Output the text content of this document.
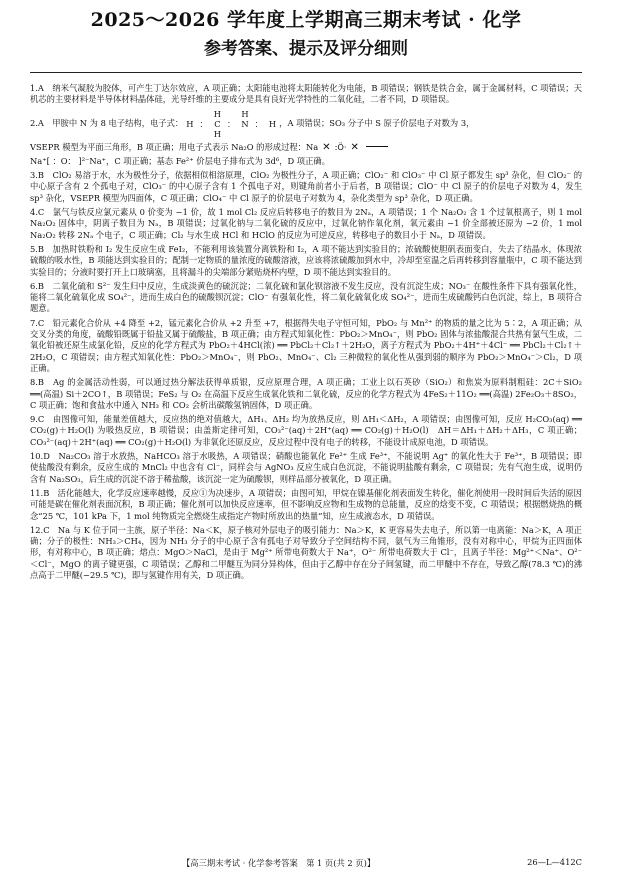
2025～2026 学年度上学期高三期末考试 · 化学
参考答案、提示及评分细则
1.A　 纳米气凝胶为胶体，可产生丁达尔效应，A 项正确；太阳能电池将太阳能转化为电能，B 项错误；钢铁是铁合金，属于金属材料，C 项错误；天机芯的主要材料是半导体材料晶体硅，光导纤维的主要成分是具有良好光学特性的二氧化硅，二者不同，D 项错误。
2.A
　 甲胺中 N 为 8 电子结构，电子式：
H H
H ： C ： N ： H
H
，A 项错误；SO₃ 分子中 S 原子价层电子对数为 3，
VSEPR 模型为平面三角形，B 项正确；用电子式表示 Na₂O 的形成过程：Na ✕ :Ö· ✕
Na⁺[ ：O： ]²⁻Na⁺，C 项正确；基态 Fe²⁺ 价层电子排布式为 3d⁶，D 项正确。
3.B　 ClO₂ 易溶于水，水为极性分子，依据相似相溶原理，ClO₂ 为极性分子，A 项正确；ClO₂⁻ 和 ClO₃⁻ 中 Cl 原子都发生 sp³ 杂化，但 ClO₂⁻ 的中心原子含有 2 个孤电子对，ClO₃⁻ 的中心原子含有 1 个孤电子对，则键角前者小于后者，B 项错误；ClO⁻ 中 Cl 原子的价层电子对数为 4，发生 sp³ 杂化，VSEPR 模型为四面体，C 项正确；ClO₄⁻ 中 Cl 原子的价层电子对数为 4，杂化类型为 sp³ 杂化，D 项正确。
4.C　 氯气与铁反应氯元素从 0 价变为 −1 价，故 1 mol Cl₂ 反应后转移电子的数目为 2Nₐ，A 项错误；1 个 Na₂O₂ 含 1 个过氧根离子，则 1 mol Na₂O₂ 固体中，阴离子数目为 Nₐ，B 项错误；过氧化钠与二氧化硫的反应中，过氧化钠作氧化剂，氧元素由 −1 价全部被还原为 −2 价，1 mol Na₂O₂ 转移 2Nₐ 个电子，C 项正确；Cl₂ 与水生成 HCl 和 HClO 的反应为可逆反应，转移电子的数目小于 Nₐ，D 项错误。
5.B　 加热时铁粉和 I₂ 发生反应生成 FeI₂，不能利用该装置分离铁粉和 I₂，A 项不能达到实验目的；浓硫酸使胆矾表面变白，失去了结晶水，体现浓硫酸的吸水性，B 项能达到实验目的；配制一定物质的量浓度的硫酸溶液，应该将浓硫酸加到水中，冷却至室温之后再转移到容量瓶中，C 项不能达到实验目的；分液时要打开上口玻璃塞，且将漏斗的尖端部分紧贴烧杯内壁，D 项不能达到实验目的。
6.B　 二氧化硫和 S²⁻ 发生归中反应，生成淡黄色的硫沉淀；二氧化硫和氯化钡溶液不发生反应，没有沉淀生成；NO₃⁻ 在酸性条件下具有强氧化性，能将二氧化硫氧化成 SO₄²⁻，进而生成白色的硫酸钡沉淀；ClO⁻ 有强氧化性，将二氧化硫氧化成 SO₄²⁻，进而生成硫酸钙白色沉淀，综上，B 项符合题意。
7.C　 铅元素化合价从 +4 降至 +2，锰元素化合价从 +2 升至 +7，根据得失电子守恒可知，PbO₂ 与 Mn²⁺ 的物质的量之比为 5∶2，A 项正确；从交叉分类的角度，硫酸铅既属于铅盐又属于硫酸盐，B 项正确；由方程式知氧化性：PbO₂＞MnO₄⁻，则 PbO₂ 固体与浓盐酸混合共热有氯气生成，二氧化铅被还原生成氯化铅，反应的化学方程式为 PbO₂＋4HCl(浓) ══ PbCl₂＋Cl₂↑＋2H₂O，离子方程式为 PbO₂＋4H⁺＋4Cl⁻ ══ PbCl₂＋Cl₂↑＋2H₂O，C 项错误；由方程式知氧化性：PbO₂＞MnO₄⁻，则 PbO₂、MnO₄⁻、Cl₂ 三种微粒的氧化性从强到弱的顺序为 PbO₂＞MnO₄⁻＞Cl₂，D 项正确。
8.B　 Ag 的金属活动性弱，可以通过热分解法获得单质银，反应原理合理，A 项正确；工业上以石英砂（SiO₂）和焦炭为原料制粗硅：2C＋SiO₂ ══(高温) Si＋2CO↑，B 项错误；FeS₂ 与 O₂ 在高温下反应生成氧化铁和二氧化硫，反应的化学方程式为 4FeS₂＋11O₂ ══(高温) 2Fe₂O₃＋8SO₂，C 项正确；饱和食盐水中通入 NH₃ 和 CO₂ 会析出碳酸氢钠固体，D 项正确。
9.C　 由图像可知，能量差值越大，反应热的绝对值越大，ΔH₁、ΔH₂ 均为放热反应，则 ΔH₁＜ΔH₂，A 项错误；由图像可知，反应 H₂CO₃(aq) ══ CO₂(g)＋H₂O(l) 为吸热反应，B 项错误；由盖斯定律可知，CO₃²⁻(aq)＋2H⁺(aq) ══ CO₂(g)＋H₂O(l)　ΔH＝ΔH₁＋ΔH₂＋ΔH₃，C 项正确；CO₃²⁻(aq)＋2H⁺(aq) ══ CO₂(g)＋H₂O(l) 为非氧化还原反应，反应过程中没有电子的转移，不能设计成原电池，D 项错误。
10.D　 Na₂CO₃ 溶于水放热，NaHCO₃ 溶于水吸热，A 项错误；硝酸也能氧化 Fe²⁺ 生成 Fe³⁺，不能说明 Ag⁺ 的氧化性大于 Fe³⁺，B 项错误；即使盐酸没有剩余，反应生成的 MnCl₂ 中也含有 Cl⁻，同样会与 AgNO₃ 反应生成白色沉淀，不能说明盐酸有剩余，C 项错误；先有气泡生成，说明仍含有 Na₂SO₃，后生成的沉淀不溶于稀盐酸，该沉淀一定为硫酸钡，则样品部分被氧化，D 项正确。
11.B　 活化能越大，化学反应速率越慢，反应①为决速步，A 项错误；由图可知，甲烷在镍基催化剂表面发生转化，催化剂使用一段时间后失活的原因可能是碳在催化剂表面沉积，B 项正确；催化剂可以加快反应速率，但不影响反应物和生成物的总能量，反应的焓变不变，C 项错误；根据燃烧热的概念“25 ℃，101 kPa 下，1 mol 纯物质完全燃烧生成指定产物时所放出的热量”知，应生成液态水，D 项错误。
12.C　 Na 与 K 位于同一主族，原子半径：Na＜K，原子核对外层电子的吸引能力：Na＞K，K 更容易失去电子，所以第一电离能：Na＞K，A 项正确；分子的极性：NH₃＞CH₄，因为 NH₃ 分子的中心原子含有孤电子对导致分子空间结构不同，氨气为三角锥形，没有对称中心，甲烷为正四面体形，有对称中心，B 项正确；熔点：MgO＞NaCl，是由于 Mg²⁺ 所带电荷数大于 Na⁺，O²⁻ 所带电荷数大于 Cl⁻，且离子半径：Mg²⁺＜Na⁺、O²⁻＜Cl⁻，MgO 的离子键更强，C 项错误；乙醇和二甲醚互为同分异构体，但由于乙醇中存在分子间氢键，而二甲醚中不存在，导致乙醇(78.3 ℃)的沸点高于二甲醚(−29.5 ℃)，即与氢键作用有关，D 项正确。
【高三期末考试 · 化学参考答案　第 1 页(共 2 页)】	26—L—412C
